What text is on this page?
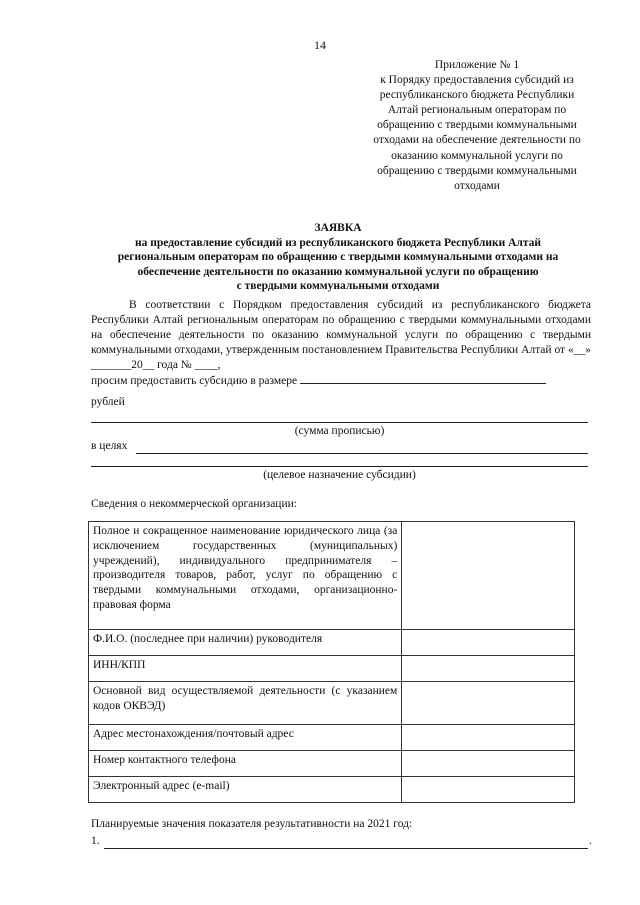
14
Приложение № 1
к Порядку предоставления субсидий из
республиканского бюджета Республики
Алтай региональным операторам по
обращению с твердыми коммунальными
отходами на обеспечение деятельности по
оказанию коммунальной услуги по
обращению с твердыми коммунальными
отходами
ЗАЯВКА
на предоставление субсидий из республиканского бюджета Республики Алтай
региональным операторам по обращению с твердыми коммунальными отходами на
обеспечение деятельности по оказанию коммунальной услуги по обращению
с твердыми коммунальными отходами

В соответствии с Порядком предоставления субсидий из республиканского бюджета Республики Алтай региональным операторам по обращению с твердыми коммунальными отходами на обеспечение деятельности по оказанию коммунальной услуги по обращению с твердыми коммунальными отходами, утвержденным постановлением Правительства Республики Алтай от «__» _______20__ года № ____,

просим предоставить субсидию в размере
рублей
(сумма прописью)
в целях
(целевое назначение субсидии)
Сведения о некоммерческой организации:
Полное и сокращенное наименование юридического лица (за исключением государственных (муниципальных) учреждений), индивидуального предпринимателя – производителя товаров, работ, услуг по обращению с твердыми коммунальными отходами, организационно-правовая форма	
Ф.И.О. (последнее при наличии) руководителя	
ИНН/КПП	
Основной вид осуществляемой деятельности (с указанием кодов ОКВЭД)	
Адрес местонахождения/почтовый адрес	
Номер контактного телефона	
Электронный адрес (e-mail)	
Планируемые значения показателя результативности на 2021 год:
1.	.
